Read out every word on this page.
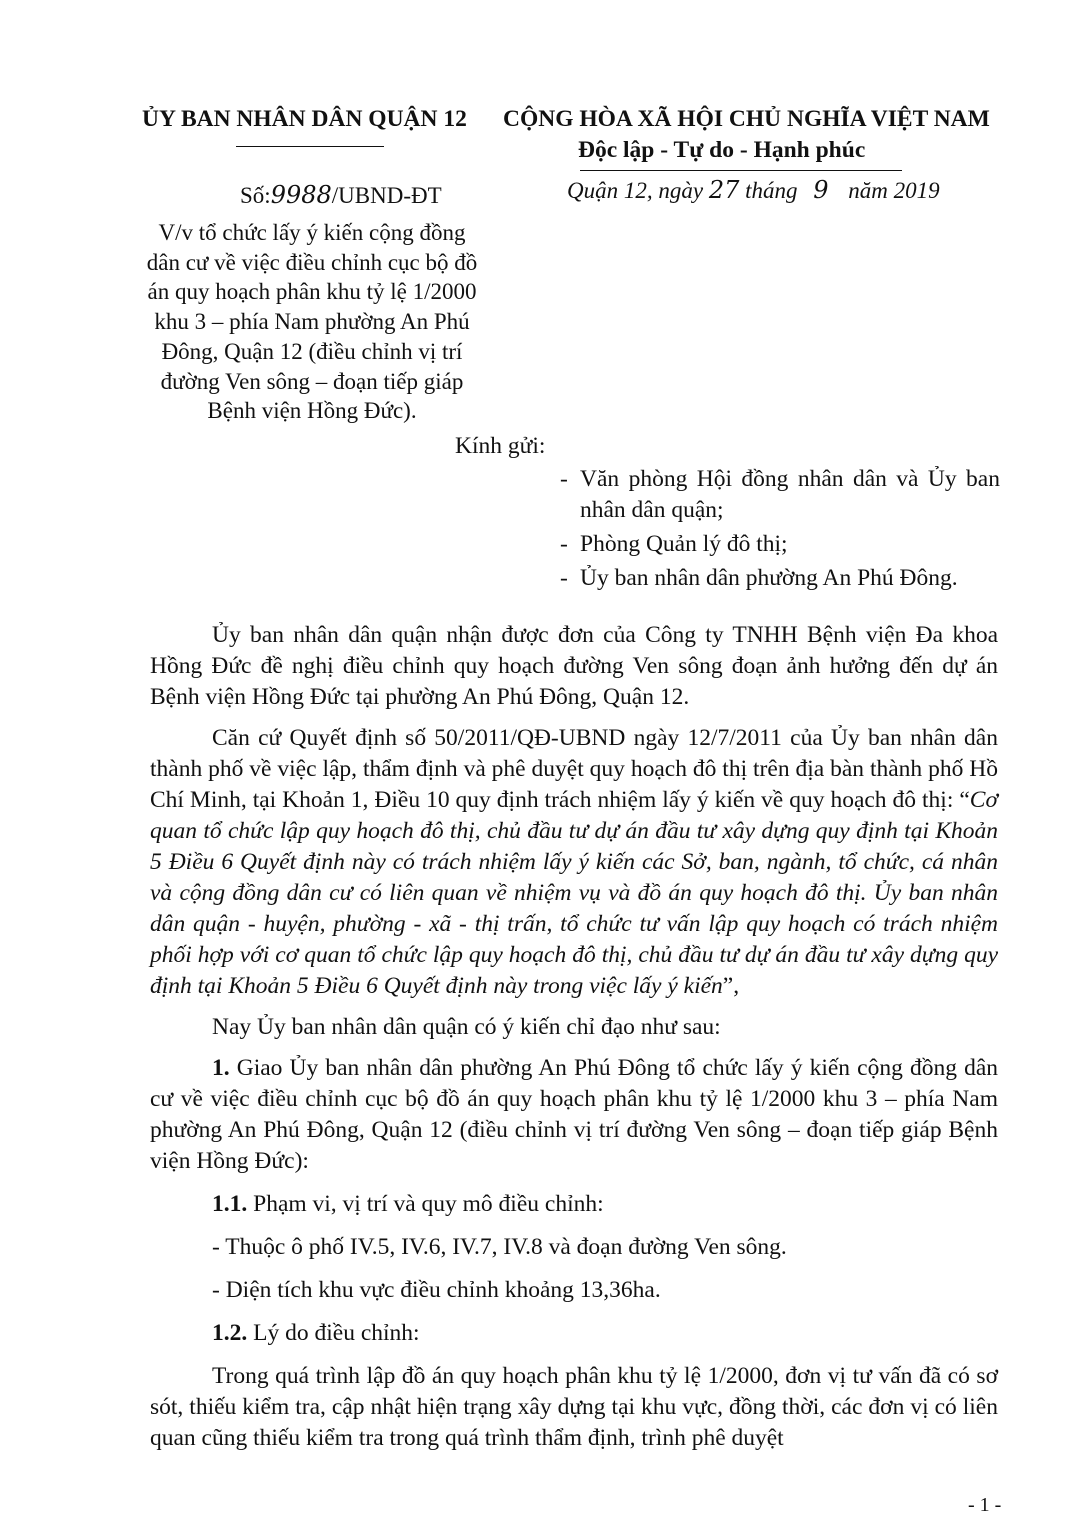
ỦY BAN NHÂN DÂN QUẬN 12 CỘNG HÒA XÃ HỘI CHỦ NGHĨA VIỆT NAM
Độc lập - Tự do - Hạnh phúc
Số:9988/UBND-ĐT	Quận 12, ngày 27 tháng 9 năm 2019
V/v tổ chức lấy ý kiến cộng đồng
dân cư về việc điều chỉnh cục bộ đồ
án quy hoạch phân khu tỷ lệ 1/2000
khu 3 – phía Nam phường An Phú
Đông, Quận 12 (điều chỉnh vị trí
đường Ven sông – đoạn tiếp giáp
Bệnh viện Hồng Đức).
Kính gửi:
- Văn phòng Hội đồng nhân dân và Ủy ban nhân dân quận;
- Phòng Quản lý đô thị;
- Ủy ban nhân dân phường An Phú Đông.

Ủy ban nhân dân quận nhận được đơn của Công ty TNHH Bệnh viện Đa khoa Hồng Đức đề nghị điều chỉnh quy hoạch đường Ven sông đoạn ảnh hưởng đến dự án Bệnh viện Hồng Đức tại phường An Phú Đông, Quận 12.

Căn cứ Quyết định số 50/2011/QĐ-UBND ngày 12/7/2011 của Ủy ban nhân dân thành phố về việc lập, thẩm định và phê duyệt quy hoạch đô thị trên địa bàn thành phố Hồ Chí Minh, tại Khoản 1, Điều 10 quy định trách nhiệm lấy ý kiến về quy hoạch đô thị: “Cơ quan tổ chức lập quy hoạch đô thị, chủ đầu tư dự án đầu tư xây dựng quy định tại Khoản 5 Điều 6 Quyết định này có trách nhiệm lấy ý kiến các Sở, ban, ngành, tổ chức, cá nhân và cộng đồng dân cư có liên quan về nhiệm vụ và đồ án quy hoạch đô thị. Ủy ban nhân dân quận - huyện, phường - xã - thị trấn, tổ chức tư vấn lập quy hoạch có trách nhiệm phối hợp với cơ quan tổ chức lập quy hoạch đô thị, chủ đầu tư dự án đầu tư xây dựng quy định tại Khoản 5 Điều 6 Quyết định này trong việc lấy ý kiến”,

Nay Ủy ban nhân dân quận có ý kiến chỉ đạo như sau:

1. Giao Ủy ban nhân dân phường An Phú Đông tổ chức lấy ý kiến cộng đồng dân cư về việc điều chỉnh cục bộ đồ án quy hoạch phân khu tỷ lệ 1/2000 khu 3 – phía Nam phường An Phú Đông, Quận 12 (điều chỉnh vị trí đường Ven sông – đoạn tiếp giáp Bệnh viện Hồng Đức):

1.1. Phạm vi, vị trí và quy mô điều chỉnh:

- Thuộc ô phố IV.5, IV.6, IV.7, IV.8 và đoạn đường Ven sông.

- Diện tích khu vực điều chỉnh khoảng 13,36ha.

1.2. Lý do điều chỉnh:

Trong quá trình lập đồ án quy hoạch phân khu tỷ lệ 1/2000, đơn vị tư vấn đã có sơ sót, thiếu kiểm tra, cập nhật hiện trạng xây dựng tại khu vực, đồng thời, các đơn vị có liên quan cũng thiếu kiểm tra trong quá trình thẩm định, trình phê duyệt

- 1 -
